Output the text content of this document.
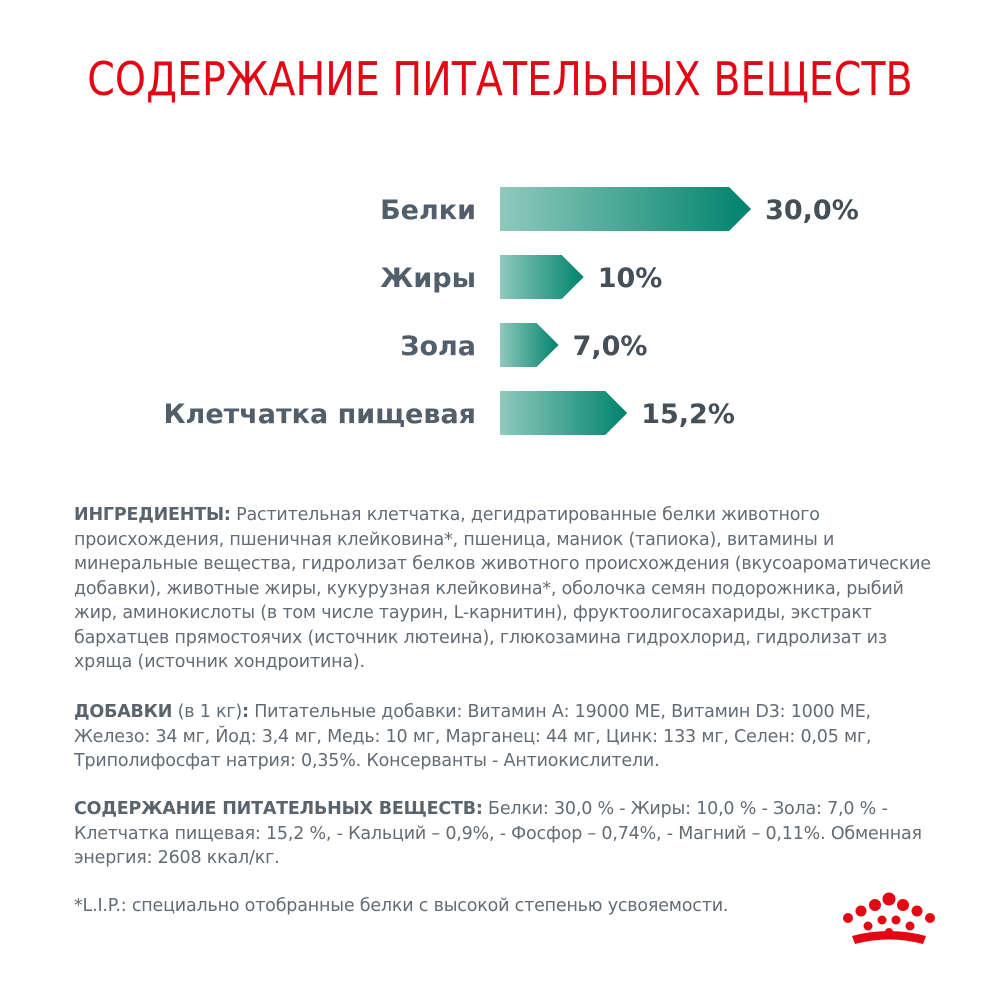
СОДЕРЖАНИЕ ПИТАТЕЛЬНЫХ ВЕЩЕСТВ
Белки	30,0%
Жиры	10%
Зола	7,0%
Клетчатка пищевая	15,2%
ИНГРЕДИЕНТЫ: Растительная клетчатка, дегидратированные белки животного происхождения, пшеничная клейковина*, пшеница, маниок (тапиока), витамины и минеральные вещества, гидролизат белков животного происхождения (вкусоароматические добавки), животные жиры, кукурузная клейковина*, оболочка семян подорожника, рыбий жир, аминокислоты (в том числе таурин, L-карнитин), фруктоолигосахариды, экстракт бархатцев прямостоячих (источник лютеина), глюкозамина гидрохлорид, гидролизат из хряща (источник хондроитина).
ДОБАВКИ (в 1 кг): Питательные добавки: Витамин А: 19000 МЕ, Витамин D3: 1000 МЕ, Железо: 34 мг, Йод: 3,4 мг, Медь: 10 мг, Марганец: 44 мг, Цинк: 133 мг, Селен: 0,05 мг, Триполифосфат натрия: 0,35%. Консерванты - Антиокислители.
СОДЕРЖАНИЕ ПИТАТЕЛЬНЫХ ВЕЩЕСТВ: Белки: 30,0 % - Жиры: 10,0 % - Зола: 7,0 % - Клетчатка пищевая: 15,2 %, - Кальций – 0,9%, - Фосфор – 0,74%, - Магний – 0,11%. Обменная энергия: 2608 ккал/кг.
*L.I.P.: специально отобранные белки с высокой степенью усвояемости.
